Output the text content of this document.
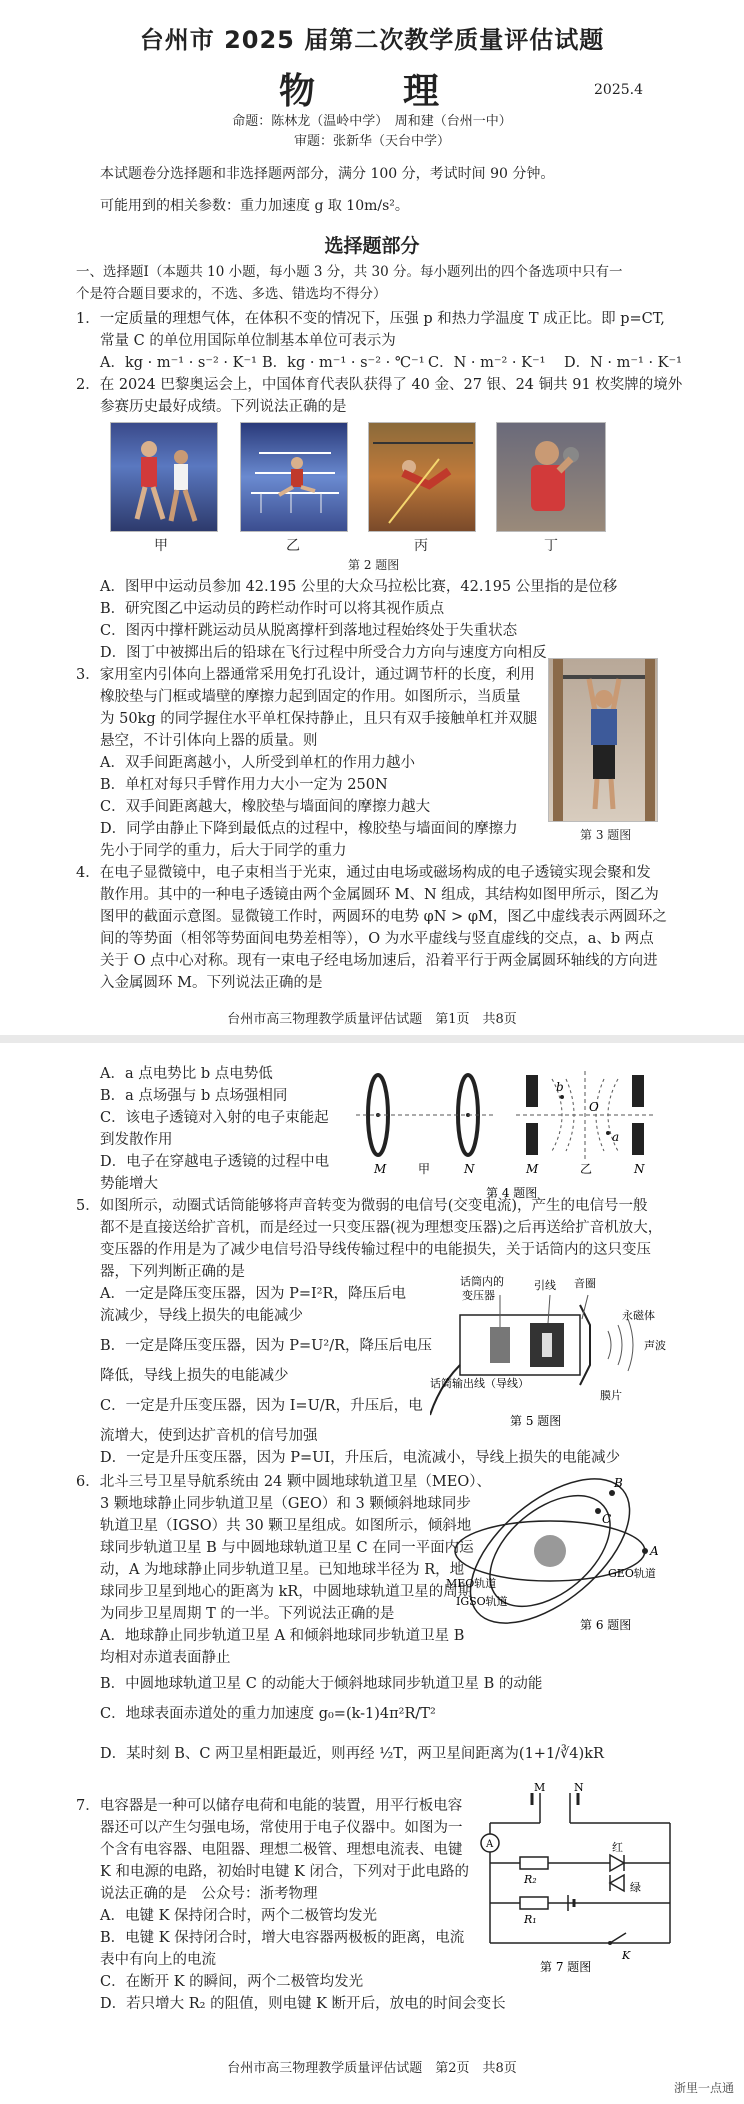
台州市 2025 届第二次教学质量评估试题
物　理	2025.4
命题：陈林龙（温岭中学）　周和建（台州一中）
审题：张新华（天台中学）
本试题卷分选择题和非选择题两部分，满分 100 分，考试时间 90 分钟。
可能用到的相关参数：重力加速度 g 取 10m/s²。
选择题部分
一、选择题Ⅰ（本题共 10 小题，每小题 3 分，共 30 分。每小题列出的四个备选项中只有一
个是符合题目要求的，不选、多选、错选均不得分）
1．一定质量的理想气体，在体积不变的情况下，压强 p 和热力学温度 T 成正比。即 p=CT,
常量 C 的单位用国际单位制基本单位可表示为
A．kg · m⁻¹ · s⁻² · K⁻¹ B．kg · m⁻¹ · s⁻² · ℃⁻¹ C．N · m⁻² · K⁻¹ D．N · m⁻¹ · K⁻¹
2．在 2024 巴黎奥运会上，中国体育代表队获得了 40 金、27 银、24 铜共 91 枚奖牌的境外
参赛历史最好成绩。下列说法正确的是
甲	乙	丙	丁
第 2 题图
A．图甲中运动员参加 42.195 公里的大众马拉松比赛，42.195 公里指的是位移
B．研究图乙中运动员的跨栏动作时可以将其视作质点
C．图丙中撑杆跳运动员从脱离撑杆到落地过程始终处于失重状态
D．图丁中被掷出后的铅球在飞行过程中所受合力方向与速度方向相反
3．家用室内引体向上器通常采用免打孔设计，通过调节杆的长度，利用
橡胶垫与门框或墙壁的摩擦力起到固定的作用。如图所示，当质量
为 50kg 的同学握住水平单杠保持静止，且只有双手接触单杠并双腿
悬空，不计引体向上器的质量。则
A．双手间距离越小，人所受到单杠的作用力越小
B．单杠对每只手臂作用力大小一定为 250N
C．双手间距离越大，橡胶垫与墙面间的摩擦力越大
D．同学由静止下降到最低点的过程中，橡胶垫与墙面间的摩擦力
先小于同学的重力，后大于同学的重力
第 3 题图
4．在电子显微镜中，电子束相当于光束，通过由电场或磁场构成的电子透镜实现会聚和发
散作用。其中的一种电子透镜由两个金属圆环 M、N 组成，其结构如图甲所示，图乙为
图甲的截面示意图。显微镜工作时，两圆环的电势 φN > φM，图乙中虚线表示两圆环之
间的等势面（相邻等势面间电势差相等），O 为水平虚线与竖直虚线的交点，a、b 两点
关于 O 点中心对称。现有一束电子经电场加速后，沿着平行于两金属圆环轴线的方向进
入金属圆环 M。下列说法正确的是
台州市高三物理教学质量评估试题　第1页　共8页
A．a 点电势比 b 点电势低
B．a 点场强与 b 点场强相同
C．该电子透镜对入射的电子束能起
到发散作用
D．电子在穿越电子透镜的过程中电
势能增大
M	N
甲
b
a
O
M	N
乙
第 4 题图
5．如图所示，动圈式话筒能够将声音转变为微弱的电信号(交变电流)，产生的电信号一般
都不是直接送给扩音机，而是经过一只变压器(视为理想变压器)之后再送给扩音机放大，
变压器的作用是为了减少电信号沿导线传输过程中的电能损失，关于话筒内的这只变压
器，下列判断正确的是
A．一定是降压变压器，因为 P=I²R，降压后电
流减少，导线上损失的电能减少
B．一定是降压变压器，因为 P=U²/R，降压后电压
降低，导线上损失的电能减少
C．一定是升压变压器，因为 I=U/R，升压后，电
流增大，使到达扩音机的信号加强
D．一定是升压变压器，因为 P=UI，升压后，电流减小，导线上损失的电能减少
话筒内的
变压器
音圈
引线
永磁体
声波
膜片
话筒输出线（导线）
第 5 题图
6．北斗三号卫星导航系统由 24 颗中圆地球轨道卫星（MEO）、
3 颗地球静止同步轨道卫星（GEO）和 3 颗倾斜地球同步
轨道卫星（IGSO）共 30 颗卫星组成。如图所示，倾斜地
球同步轨道卫星 B 与中圆地球轨道卫星 C 在同一平面内运
动，A 为地球静止同步轨道卫星。已知地球半径为 R，地
球同步卫星到地心的距离为 kR，中圆地球轨道卫星的周期
为同步卫星周期 T 的一半。下列说法正确的是
A．地球静止同步轨道卫星 A 和倾斜地球同步轨道卫星 B
均相对赤道表面静止
B．中圆地球轨道卫星 C 的动能大于倾斜地球同步轨道卫星 B 的动能
C．地球表面赤道处的重力加速度 g₀=(k-1)4π²R/T²
D．某时刻 B、C 两卫星相距最近，则再经 ½T，两卫星间距离为(1+1/∛4)kR
B
C
A
GEO轨道
MEO轨道
IGSO轨道
第 6 题图
7．电容器是一种可以储存电荷和电能的装置，用平行板电容
器还可以产生匀强电场，常使用于电子仪器中。如图为一
个含有电容器、电阻器、理想二极管、理想电流表、电键
K 和电源的电路，初始时电键 K 闭合，下列对于此电路的
说法正确的是　公众号：浙考物理
A．电键 K 保持闭合时，两个二极管均发光
B．电键 K 保持闭合时，增大电容器两极板的距离，电流
表中有向上的电流
C．在断开 K 的瞬间，两个二极管均发光
D．若只增大 R₂ 的阻值，则电键 K 断开后，放电的时间会变长
M	N
A	红
R₂
绿
R₁
K
第 7 题图
台州市高三物理教学质量评估试题　第2页　共8页
浙里一点通
